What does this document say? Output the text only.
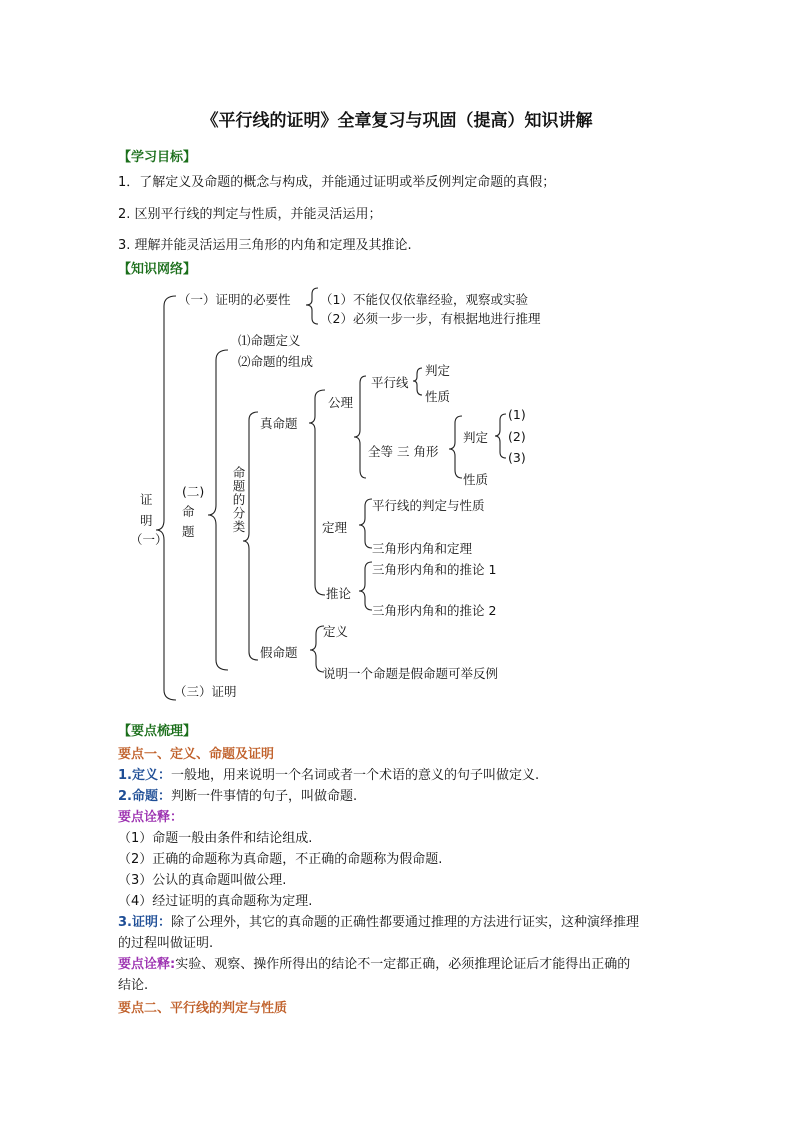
《平行线的证明》全章复习与巩固（提高）知识讲解
【学习目标】
1．了解定义及命题的概念与构成，并能通过证明或举反例判定命题的真假；
2. 区别平行线的判定与性质，并能灵活运用；
3. 理解并能灵活运用三角形的内角和定理及其推论.
【知识网络】
证
明
（一）
（一）证明的必要性 （1）不能仅仅依靠经验，观察或实验
（2）必须一步一步，有根据地进行推理
(二)
命
题
⑴命题定义
⑵命题的组成
命题的分类
真命题
公理
平行线
判定
性质
全等 三 角形
判定
性质
(1)
(2)
(3)
定理
平行线的判定与性质
三角形内角和定理
推论
三角形内角和的推论 1
三角形内角和的推论 2
假命题
定义
说明一个命题是假命题可举反例
（三）证明
【要点梳理】
要点一、定义、命题及证明
1.定义：一般地，用来说明一个名词或者一个术语的意义的句子叫做定义.
2.命题：判断一件事情的句子，叫做命题.
要点诠释：
（1）命题一般由条件和结论组成.
（2）正确的命题称为真命题，不正确的命题称为假命题.
（3）公认的真命题叫做公理.
（4）经过证明的真命题称为定理.
3.证明：除了公理外，其它的真命题的正确性都要通过推理的方法进行证实，这种演绎推理
的过程叫做证明.
要点诠释:实验、观察、操作所得出的结论不一定都正确，必须推理论证后才能得出正确的
结论.
要点二、平行线的判定与性质
